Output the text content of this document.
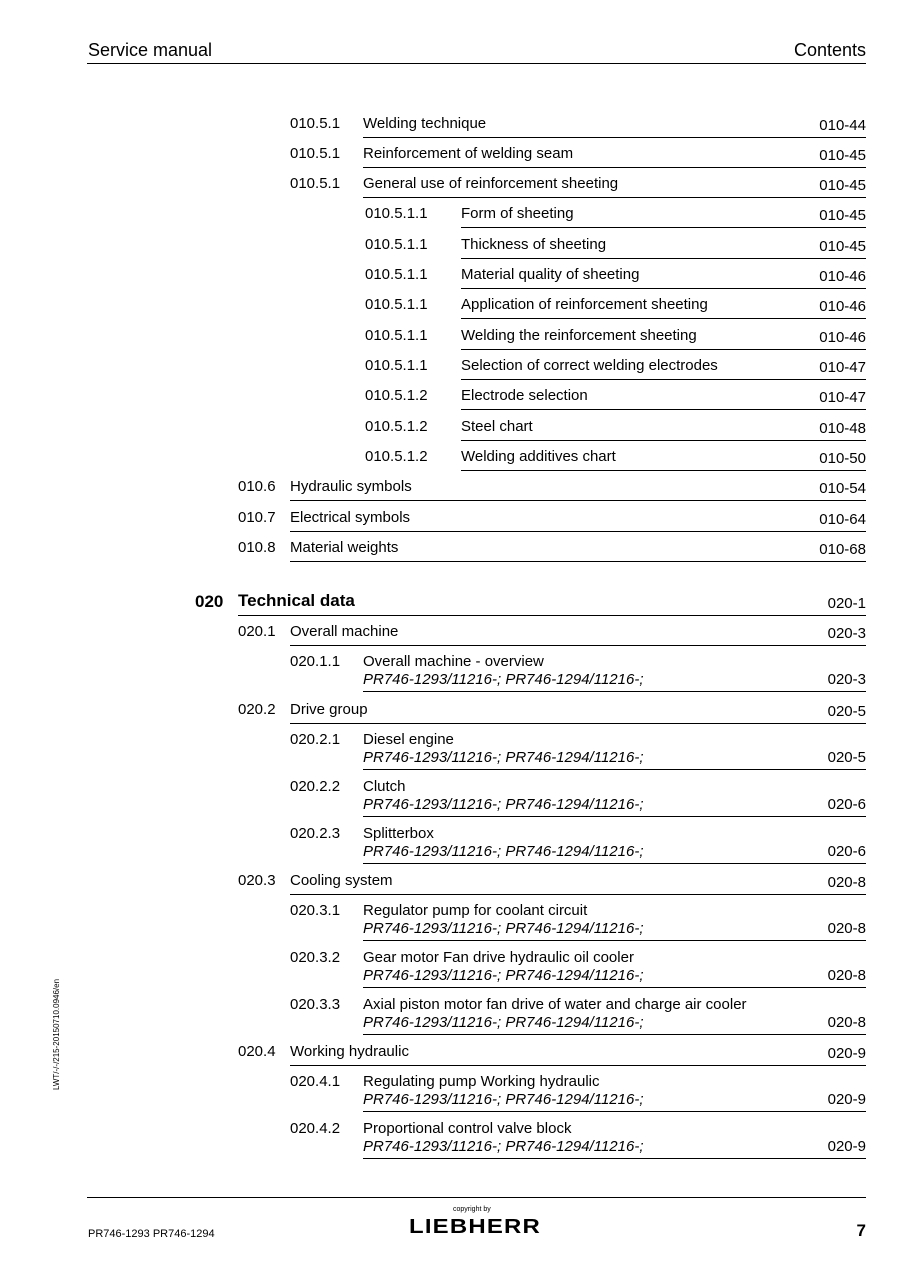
Service manual	Contents
010.5.1 Welding technique	010-44
010.5.1 Reinforcement of welding seam	010-45
010.5.1 General use of reinforcement sheeting	010-45
010.5.1.1 Form of sheeting	010-45
010.5.1.1 Thickness of sheeting	010-45
010.5.1.1 Material quality of sheeting	010-46
010.5.1.1 Application of reinforcement sheeting	010-46
010.5.1.1 Welding the reinforcement sheeting	010-46
010.5.1.1 Selection of correct welding electrodes	010-47
010.5.1.2 Electrode selection	010-47
010.5.1.2 Steel chart	010-48
010.5.1.2 Welding additives chart	010-50
010.6 Hydraulic symbols	010-54
010.7 Electrical symbols	010-64
010.8 Material weights	010-68
020 Technical data	020-1
020.1 Overall machine	020-3
020.1.1 Overall machine - overview
PR746-1293/11216-; PR746-1294/11216-;	020-3
020.2 Drive group	020-5
020.2.1 Diesel engine
PR746-1293/11216-; PR746-1294/11216-;	020-5
020.2.2 Clutch
PR746-1293/11216-; PR746-1294/11216-;	020-6
020.2.3 Splitterbox
PR746-1293/11216-; PR746-1294/11216-;	020-6
020.3 Cooling system	020-8
020.3.1 Regulator pump for coolant circuit
PR746-1293/11216-; PR746-1294/11216-;	020-8
020.3.2 Gear motor Fan drive hydraulic oil cooler
PR746-1293/11216-; PR746-1294/11216-;	020-8
020.3.3 Axial piston motor fan drive of water and charge air cooler
PR746-1293/11216-; PR746-1294/11216-;	020-8
020.4 Working hydraulic	020-9
020.4.1 Regulating pump Working hydraulic
PR746-1293/11216-; PR746-1294/11216-;	020-9
020.4.2 Proportional control valve block
PR746-1293/11216-; PR746-1294/11216-;	020-9
LWT/-/-/215-20150710.0946/en
PR746-1293 PR746-1294
copyright by
LIEBHERR	7
